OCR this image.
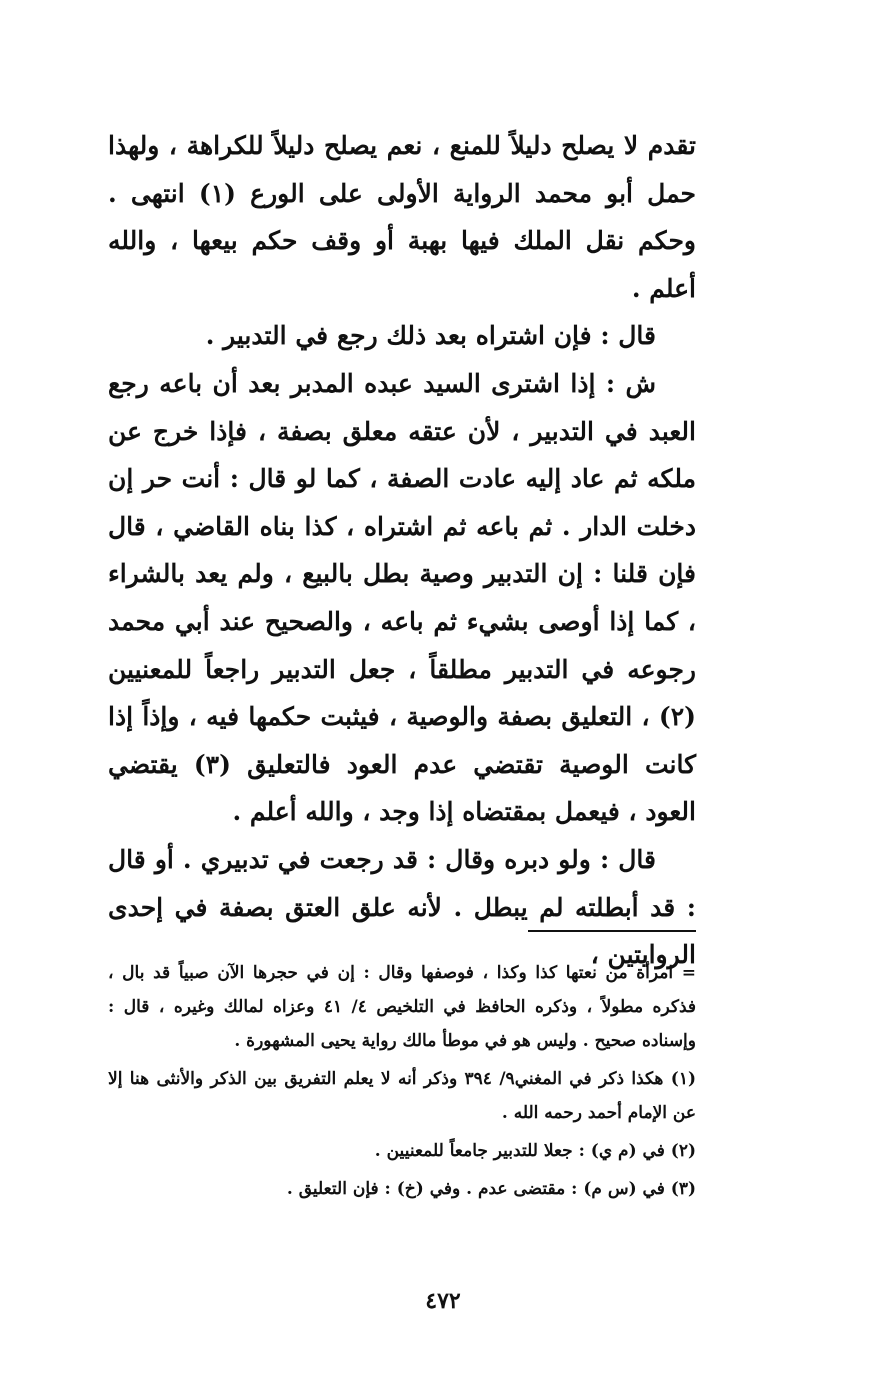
تقدم لا يصلح دليلاً للمنع ، نعم يصلح دليلاً للكراهة ، ولهذا حمل أبو محمد الرواية الأولى على الورع (١) انتهى . وحكم نقل الملك فيها بهبة أو وقف حكم بيعها ، والله أعلم .

قال : فإن اشتراه بعد ذلك رجع في التدبير .

ش : إذا اشترى السيد عبده المدبر بعد أن باعه رجع العبد في التدبير ، لأن عتقه معلق بصفة ، فإذا خرج عن ملكه ثم عاد إليه عادت الصفة ، كما لو قال : أنت حر إن دخلت الدار . ثم باعه ثم اشتراه ، كذا بناه القاضي ، قال فإن قلنا : إن التدبير وصية بطل بالبيع ، ولم يعد بالشراء ، كما إذا أوصى بشيء ثم باعه ، والصحيح عند أبي محمد رجوعه في التدبير مطلقاً ، جعل التدبير راجعاً للمعنيين (٢) ، التعليق بصفة والوصية ، فيثبت حكمها فيه ، وإذاً إذا كانت الوصية تقتضي عدم العود فالتعليق (٣) يقتضي العود ، فيعمل بمقتضاه إذا وجد ، والله أعلم .

قال : ولو دبره وقال : قد رجعت في تدبيري . أو قال : قد أبطلته لم يبطل . لأنه علق العتق بصفة في إحدى الروايتين ،

= امرأة من نعتها كذا وكذا ، فوصفها وقال : إن في حجرها الآن صبياً قد بال ، فذكره مطولاً ، وذكره الحافظ في التلخيص ٤/ ٤١ وعزاه لمالك وغيره ، قال : وإسناده صحيح . وليس هو في موطأ مالك رواية يحيى المشهورة .

(١) هكذا ذكر في المغني٩/ ٣٩٤ وذكر أنه لا يعلم التفريق بين الذكر والأنثى هنا إلا عن الإمام أحمد رحمه الله .

(٢) في (م ي) : جعلا للتدبير جامعاً للمعنيين .

(٣) في (س م) : مقتضى عدم . وفي (خ) : فإن التعليق .

٤٧٢
